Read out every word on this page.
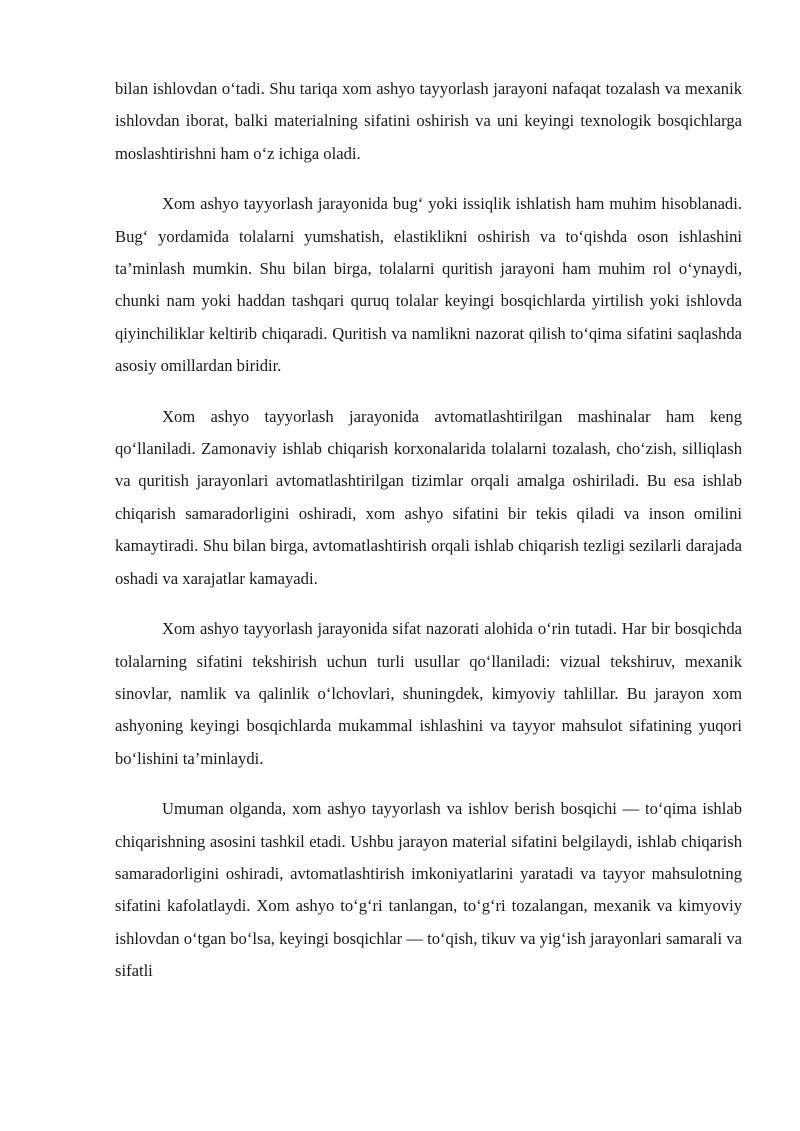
bilan ishlovdan o‘tadi. Shu tariqa xom ashyo tayyorlash jarayoni nafaqat tozalash va mexanik ishlovdan iborat, balki materialning sifatini oshirish va uni keyingi texnologik bosqichlarga moslashtirishni ham o‘z ichiga oladi.

Xom ashyo tayyorlash jarayonida bug‘ yoki issiqlik ishlatish ham muhim hisoblanadi. Bug‘ yordamida tolalarni yumshatish, elastiklikni oshirish va to‘qishda oson ishlashini ta’minlash mumkin. Shu bilan birga, tolalarni quritish jarayoni ham muhim rol o‘ynaydi, chunki nam yoki haddan tashqari quruq tolalar keyingi bosqichlarda yirtilish yoki ishlovda qiyinchiliklar keltirib chiqaradi. Quritish va namlikni nazorat qilish to‘qima sifatini saqlashda asosiy omillardan biridir.

Xom ashyo tayyorlash jarayonida avtomatlashtirilgan mashinalar ham keng qo‘llaniladi. Zamonaviy ishlab chiqarish korxonalarida tolalarni tozalash, cho‘zish, silliqlash va quritish jarayonlari avtomatlashtirilgan tizimlar orqali amalga oshiriladi. Bu esa ishlab chiqarish samaradorligini oshiradi, xom ashyo sifatini bir tekis qiladi va inson omilini kamaytiradi. Shu bilan birga, avtomatlashtirish orqali ishlab chiqarish tezligi sezilarli darajada oshadi va xarajatlar kamayadi.

Xom ashyo tayyorlash jarayonida sifat nazorati alohida o‘rin tutadi. Har bir bosqichda tolalarning sifatini tekshirish uchun turli usullar qo‘llaniladi: vizual tekshiruv, mexanik sinovlar, namlik va qalinlik o‘lchovlari, shuningdek, kimyoviy tahlillar. Bu jarayon xom ashyoning keyingi bosqichlarda mukammal ishlashini va tayyor mahsulot sifatining yuqori bo‘lishini ta’minlaydi.

Umuman olganda, xom ashyo tayyorlash va ishlov berish bosqichi — to‘qima ishlab chiqarishning asosini tashkil etadi. Ushbu jarayon material sifatini belgilaydi, ishlab chiqarish samaradorligini oshiradi, avtomatlashtirish imkoniyatlarini yaratadi va tayyor mahsulotning sifatini kafolatlaydi. Xom ashyo to‘g‘ri tanlangan, to‘g‘ri tozalangan, mexanik va kimyoviy ishlovdan o‘tgan bo‘lsa, keyingi bosqichlar — to‘qish, tikuv va yig‘ish jarayonlari samarali va sifatli
